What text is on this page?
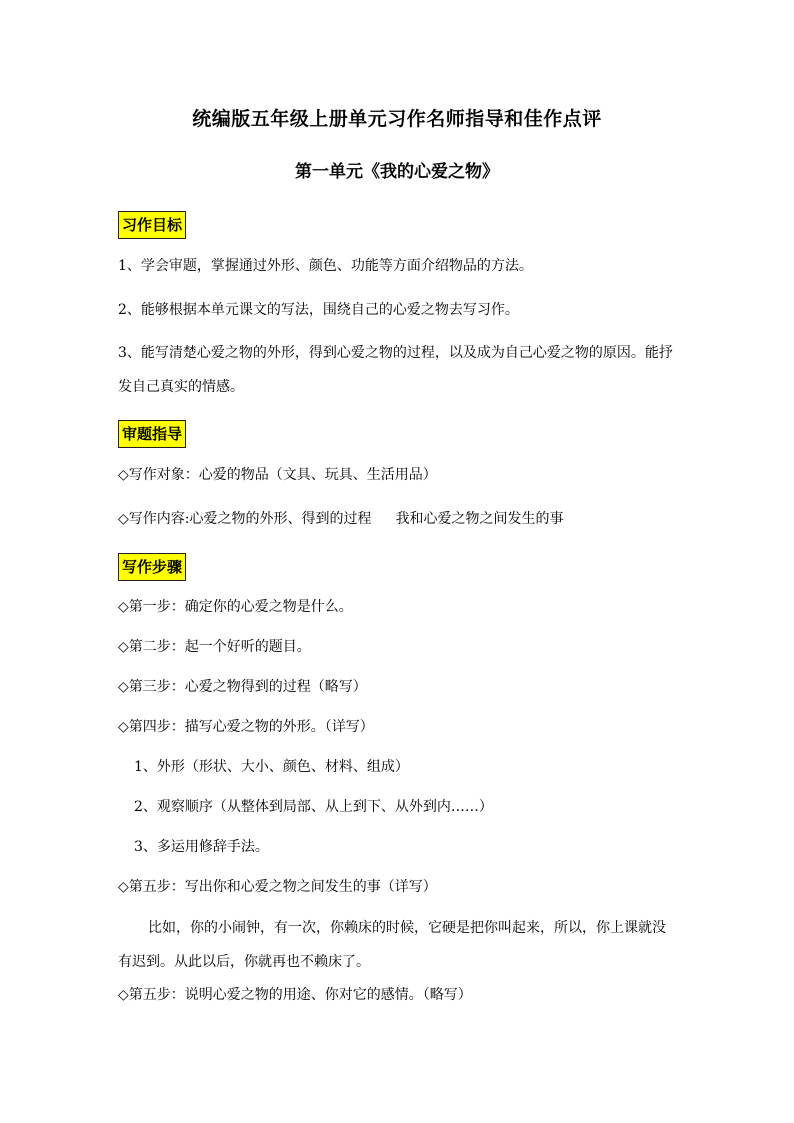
统编版五年级上册单元习作名师指导和佳作点评
第一单元《我的心爱之物》
习作目标
1、学会审题，掌握通过外形、颜色、功能等方面介绍物品的方法。
2、能够根据本单元课文的写法，围绕自己的心爱之物去写习作。
3、能写清楚心爱之物的外形，得到心爱之物的过程，以及成为自己心爱之物的原因。能抒发自己真实的情感。
审题指导
◇写作对象：心爱的物品（文具、玩具、生活用品）
◇写作内容:心爱之物的外形、得到的过程 我和心爱之物之间发生的事
写作步骤
◇第一步：确定你的心爱之物是什么。
◇第二步：起一个好听的题目。
◇第三步：心爱之物得到的过程（略写）
◇第四步：描写心爱之物的外形。（详写）
1、外形（形状、大小、颜色、材料、组成）
2、观察顺序（从整体到局部、从上到下、从外到内……）
3、多运用修辞手法。
◇第五步：写出你和心爱之物之间发生的事（详写）
比如，你的小闹钟，有一次，你赖床的时候，它硬是把你叫起来，所以，你上课就没有迟到。从此以后，你就再也不赖床了。
◇第五步：说明心爱之物的用途、你对它的感情。（略写）
